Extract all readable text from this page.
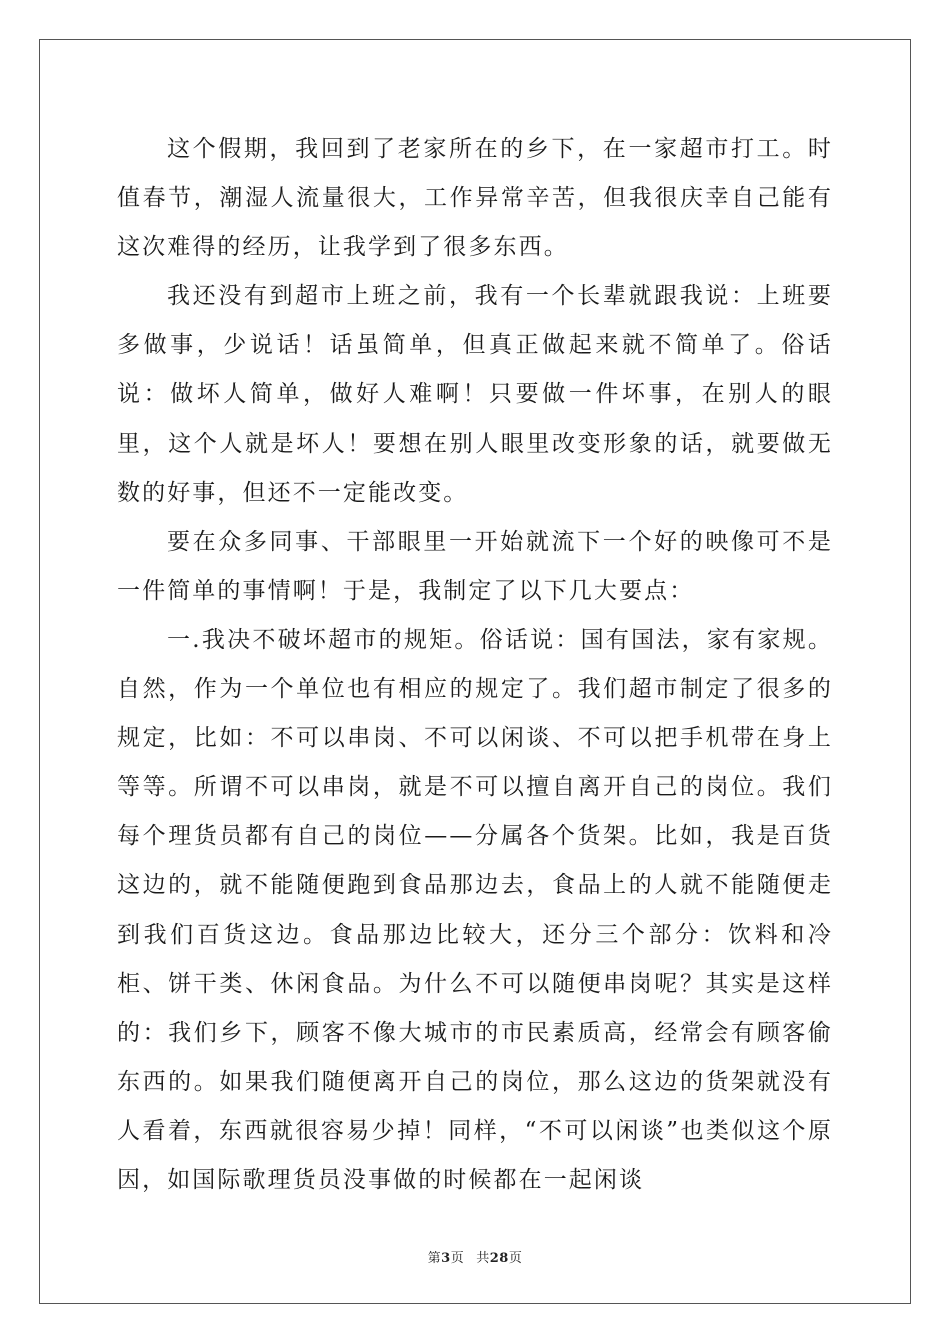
这个假期，我回到了老家所在的乡下，在一家超市打工。时值春节，潮湿人流量很大，工作异常辛苦，但我很庆幸自己能有这次难得的经历，让我学到了很多东西。

我还没有到超市上班之前，我有一个长辈就跟我说：上班要多做事，少说话！话虽简单，但真正做起来就不简单了。俗话说：做坏人简单，做好人难啊！只要做一件坏事，在别人的眼里，这个人就是坏人！要想在别人眼里改变形象的话，就要做无数的好事，但还不一定能改变。

要在众多同事、干部眼里一开始就流下一个好的映像可不是一件简单的事情啊！于是，我制定了以下几大要点：

一.我决不破坏超市的规矩。俗话说：国有国法，家有家规。自然，作为一个单位也有相应的规定了。我们超市制定了很多的规定，比如：不可以串岗、不可以闲谈、不可以把手机带在身上等等。所谓不可以串岗，就是不可以擅自离开自己的岗位。我们每个理货员都有自己的岗位——分属各个货架。比如，我是百货这边的，就不能随便跑到食品那边去，食品上的人就不能随便走到我们百货这边。食品那边比较大，还分三个部分：饮料和冷柜、饼干类、休闲食品。为什么不可以随便串岗呢？其实是这样的：我们乡下，顾客不像大城市的市民素质高，经常会有顾客偷东西的。如果我们随便离开自己的岗位，那么这边的货架就没有人看着，东西就很容易少掉！同样，“不可以闲谈”也类似这个原因，如国际歌理货员没事做的时候都在一起闲谈

第3页 共28页
